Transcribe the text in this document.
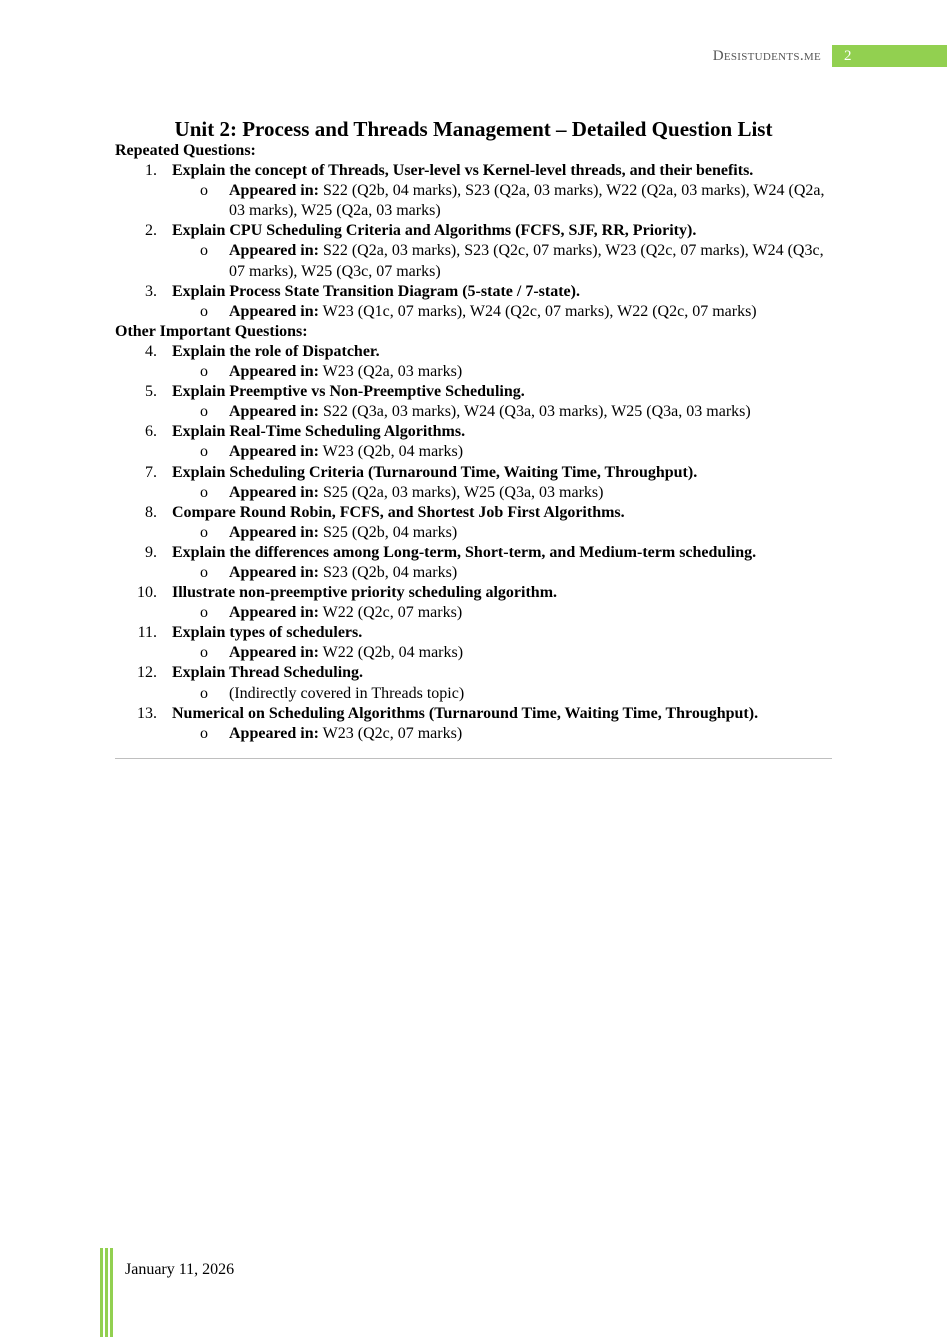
Desistudents.me	2
Unit 2: Process and Threads Management – Detailed Question List
Repeated Questions:
1. Explain the concept of Threads, User-level vs Kernel-level threads, and their benefits.
o Appeared in: S22 (Q2b, 04 marks), S23 (Q2a, 03 marks), W22 (Q2a, 03 marks), W24 (Q2a, 03 marks), W25 (Q2a, 03 marks)
2. Explain CPU Scheduling Criteria and Algorithms (FCFS, SJF, RR, Priority).
o Appeared in: S22 (Q2a, 03 marks), S23 (Q2c, 07 marks), W23 (Q2c, 07 marks), W24 (Q3c, 07 marks), W25 (Q3c, 07 marks)
3. Explain Process State Transition Diagram (5-state / 7-state).
o Appeared in: W23 (Q1c, 07 marks), W24 (Q2c, 07 marks), W22 (Q2c, 07 marks)
Other Important Questions:
4. Explain the role of Dispatcher.
o Appeared in: W23 (Q2a, 03 marks)
5. Explain Preemptive vs Non-Preemptive Scheduling.
o Appeared in: S22 (Q3a, 03 marks), W24 (Q3a, 03 marks), W25 (Q3a, 03 marks)
6. Explain Real-Time Scheduling Algorithms.
o Appeared in: W23 (Q2b, 04 marks)
7. Explain Scheduling Criteria (Turnaround Time, Waiting Time, Throughput).
o Appeared in: S25 (Q2a, 03 marks), W25 (Q3a, 03 marks)
8. Compare Round Robin, FCFS, and Shortest Job First Algorithms.
o Appeared in: S25 (Q2b, 04 marks)
9. Explain the differences among Long-term, Short-term, and Medium-term scheduling.
o Appeared in: S23 (Q2b, 04 marks)
10. Illustrate non-preemptive priority scheduling algorithm.
o Appeared in: W22 (Q2c, 07 marks)
11. Explain types of schedulers.
o Appeared in: W22 (Q2b, 04 marks)
12. Explain Thread Scheduling.
o (Indirectly covered in Threads topic)
13. Numerical on Scheduling Algorithms (Turnaround Time, Waiting Time, Throughput).
o Appeared in: W23 (Q2c, 07 marks)
January 11, 2026
